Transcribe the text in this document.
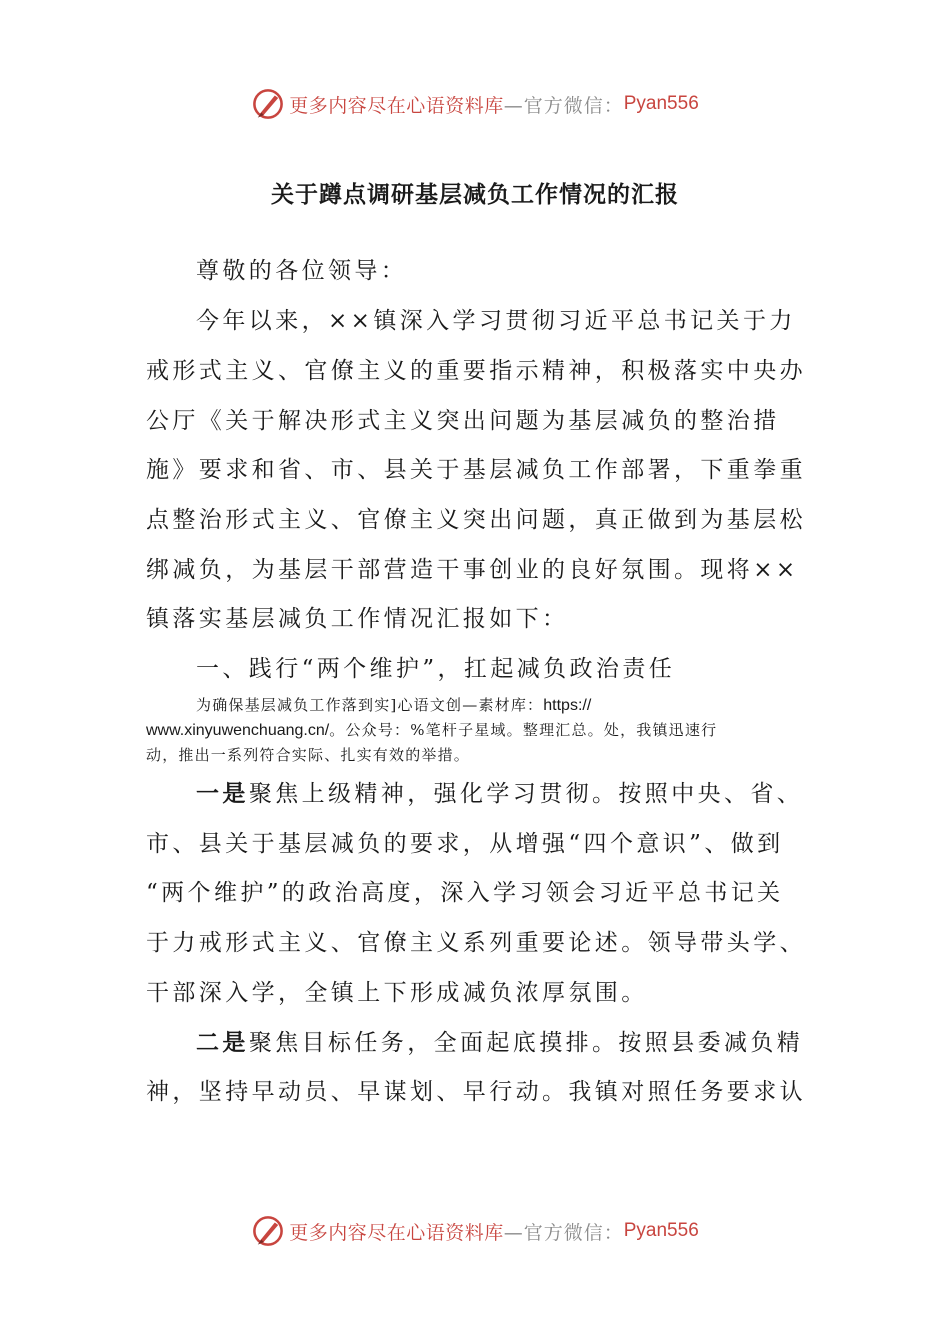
更多内容尽在心语资料库 —官方微信： Pyan556
关于蹲点调研基层减负工作情况的汇报

尊敬的各位领导：

今年以来，××镇深入学习贯彻习近平总书记关于力

戒形式主义、官僚主义的重要指示精神，积极落实中央办

公厅《关于解决形式主义突出问题为基层减负的整治措

施》要求和省、市、县关于基层减负工作部署，下重拳重

点整治形式主义、官僚主义突出问题，真正做到为基层松

绑减负，为基层干部营造干事创业的良好氛围。现将××

镇落实基层减负工作情况汇报如下：

一、践行“两个维护”，扛起减负政治责任

为确保基层减负工作落到实]心语文创—素材库：https://

www.xinyuwenchuang.cn/。公众号：%笔杆子星域。整理汇总。处，我镇迅速行

动，推出一系列符合实际、扎实有效的举措。

一是聚焦上级精神，强化学习贯彻。按照中央、省、

市、县关于基层减负的要求，从增强“四个意识”、做到

“两个维护”的政治高度，深入学习领会习近平总书记关

于力戒形式主义、官僚主义系列重要论述。领导带头学、

干部深入学，全镇上下形成减负浓厚氛围。

二是聚焦目标任务，全面起底摸排。按照县委减负精

神，坚持早动员、早谋划、早行动。我镇对照任务要求认

更多内容尽在心语资料库 —官方微信： Pyan556
